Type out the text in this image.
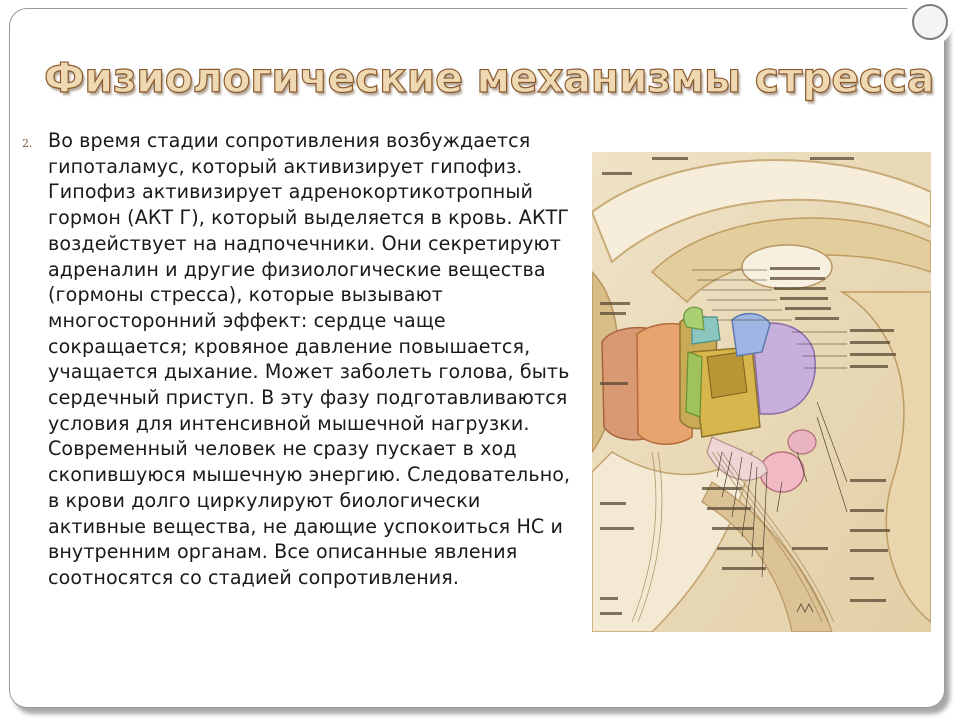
Физиологические механизмы стресса
2. Во время стадии сопротивления возбуждается гипоталамус, который активизирует гипофиз. Гипофиз активизирует адренокортикотропный гормон (АКТ Г), который выделяется в кровь. АКТГ воздействует на надпочечники. Они секретируют адреналин и другие физиологические вещества (гормоны стресса), которые вызывают многосторонний эффект: сердце чаще сокращается; кровяное давление повышается, учащается дыхание. Может заболеть голова, быть сердечный приступ. В эту фазу подготавливаются условия для интенсивной мышечной нагрузки. Современный человек не сразу пускает в ход скопившуюся мышечную энергию. Следовательно, в крови долго циркулируют биологически активные вещества, не дающие успокоиться НС и внутренним органам. Все описанные явления соотносятся со стадией сопротивления.
